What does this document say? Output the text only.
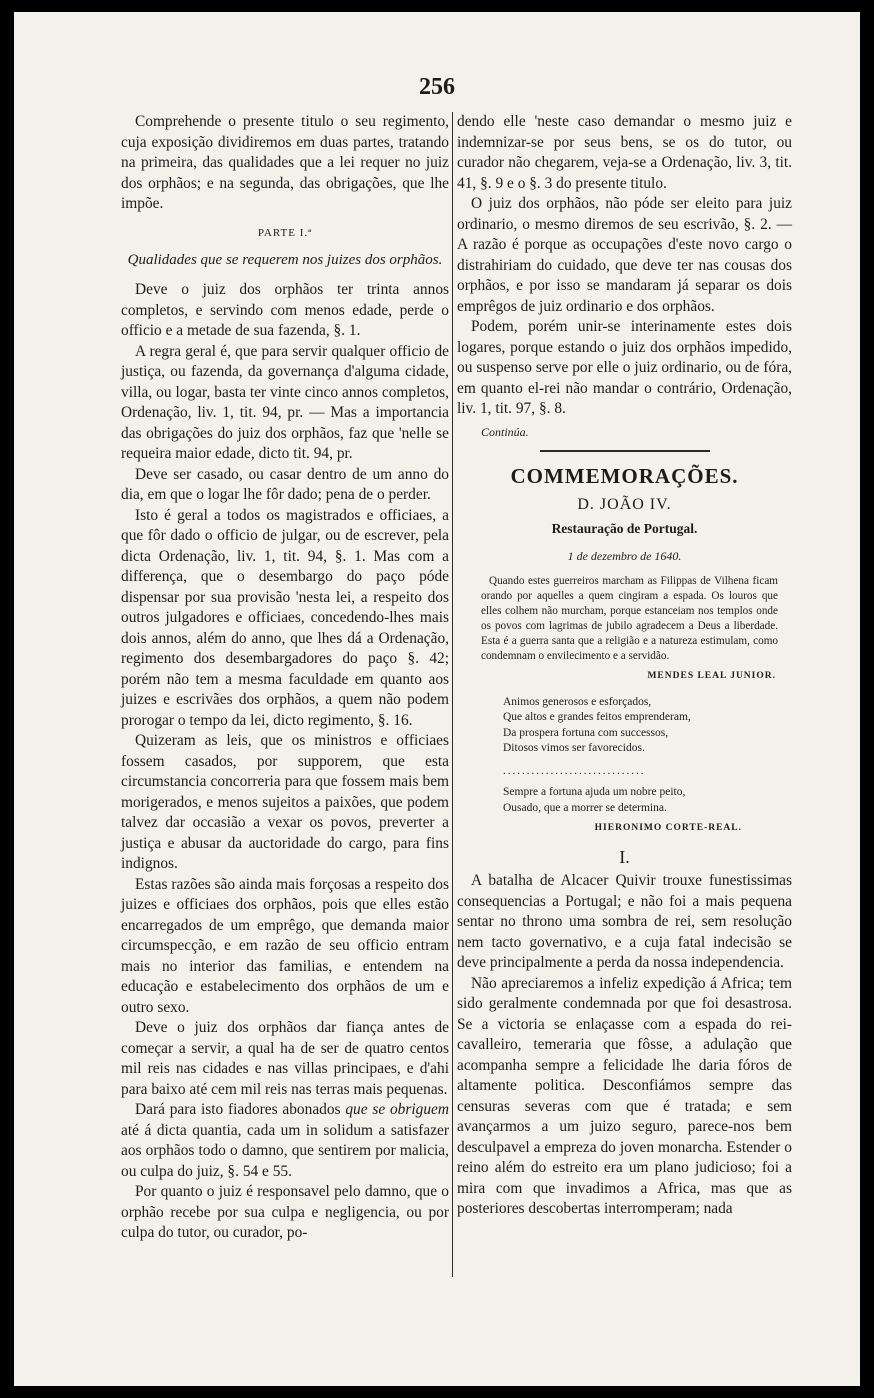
256

Comprehende o presente titulo o seu regimento, cuja exposição dividiremos em duas partes, tratando na primeira, das qualidades que a lei requer no juiz dos orphãos; e na segunda, das obrigações, que lhe impõe.

PARTE I.ª

Qualidades que se requerem nos juizes dos orphãos.

Deve o juiz dos orphãos ter trinta annos completos, e servindo com menos edade, perde o officio e a metade de sua fazenda, §. 1.

A regra geral é, que para servir qualquer officio de justiça, ou fazenda, da governança d'alguma cidade, villa, ou logar, basta ter vinte cinco annos completos, Ordenação, liv. 1, tit. 94, pr. — Mas a importancia das obrigações do juiz dos orphãos, faz que 'nelle se requeira maior edade, dicto tit. 94, pr.

Deve ser casado, ou casar dentro de um anno do dia, em que o logar lhe fôr dado; pena de o perder.

Isto é geral a todos os magistrados e officiaes, a que fôr dado o officio de julgar, ou de escrever, pela dicta Ordenação, liv. 1, tit. 94, §. 1. Mas com a differença, que o desembargo do paço póde dispensar por sua provisão 'nesta lei, a respeito dos outros julgadores e officiaes, concedendo-lhes mais dois annos, além do anno, que lhes dá a Ordenação, regimento dos desembargadores do paço §. 42; porém não tem a mesma faculdade em quanto aos juizes e escrivães dos orphãos, a quem não podem prorogar o tempo da lei, dicto regimento, §. 16.

Quizeram as leis, que os ministros e officiaes fossem casados, por supporem, que esta circumstancia concorreria para que fossem mais bem morigerados, e menos sujeitos a paixões, que podem talvez dar occasião a vexar os povos, preverter a justiça e abusar da auctoridade do cargo, para fins indignos.

Estas razões são ainda mais forçosas a respeito dos juizes e officiaes dos orphãos, pois que elles estão encarregados de um emprêgo, que demanda maior circumspecção, e em razão de seu officio entram mais no interior das familias, e entendem na educação e estabelecimento dos orphãos de um e outro sexo.

Deve o juiz dos orphãos dar fiança antes de começar a servir, a qual ha de ser de quatro centos mil reis nas cidades e nas villas principaes, e d'ahi para baixo até cem mil reis nas terras mais pequenas.

Dará para isto fiadores abonados que se obriguem até á dicta quantia, cada um in solidum a satisfazer aos orphãos todo o damno, que sentirem por malicia, ou culpa do juiz, §. 54 e 55.

Por quanto o juiz é responsavel pelo damno, que o orphão recebe por sua culpa e negligencia, ou por culpa do tutor, ou curador, po-

dendo elle 'neste caso demandar o mesmo juiz e indemnizar-se por seus bens, se os do tutor, ou curador não chegarem, veja-se a Ordenação, liv. 3, tit. 41, §. 9 e o §. 3 do presente titulo.

O juiz dos orphãos, não póde ser eleito para juiz ordinario, o mesmo diremos de seu escrivão, §. 2. — A razão é porque as occupações d'este novo cargo o distrahiriam do cuidado, que deve ter nas cousas dos orphãos, e por isso se mandaram já separar os dois emprêgos de juiz ordinario e dos orphãos.

Podem, porém unir-se interinamente estes dois logares, porque estando o juiz dos orphãos impedido, ou suspenso serve por elle o juiz ordinario, ou de fóra, em quanto el-rei não mandar o contrário, Ordenação, liv. 1, tit. 97, §. 8.

Continúa.

COMMEMORAÇÕES.
D. JOÃO IV.
Restauração de Portugal.
1 de dezembro de 1640.

Quando estes guerreiros marcham as Filippas de Vilhena ficam orando por aquelles a quem cingiram a espada. Os louros que elles colhem não murcham, porque estanceiam nos templos onde os povos com lagrimas de jubilo agradecem a Deus a liberdade. Esta é a guerra santa que a religião e a natureza estimulam, como condemnam o envilecimento e a servidão.

MENDES LEAL JUNIOR.
Animos generosos e esforçados,
Que altos e grandes feitos emprenderam,
Da prospera fortuna com successos,
Ditosos vimos ser favorecidos.
..............................
Sempre a fortuna ajuda um nobre peito,
Ousado, que a morrer se determina.
HIERONIMO CORTE-REAL.
I.

A batalha de Alcacer Quivir trouxe funestissimas consequencias a Portugal; e não foi a mais pequena sentar no throno uma sombra de rei, sem resolução nem tacto governativo, e a cuja fatal indecisão se deve principalmente a perda da nossa independencia.

Não apreciaremos a infeliz expedição á Africa; tem sido geralmente condemnada por que foi desastrosa. Se a victoria se enlaçasse com a espada do rei-cavalleiro, temeraria que fôsse, a adulação que acompanha sempre a felicidade lhe daria fóros de altamente politica. Desconfiámos sempre das censuras severas com que é tratada; e sem avançarmos a um juizo seguro, parece-nos bem desculpavel a empreza do joven monarcha. Estender o reino além do estreito era um plano judicioso; foi a mira com que invadimos a Africa, mas que as posteriores descobertas interromperam; nada
